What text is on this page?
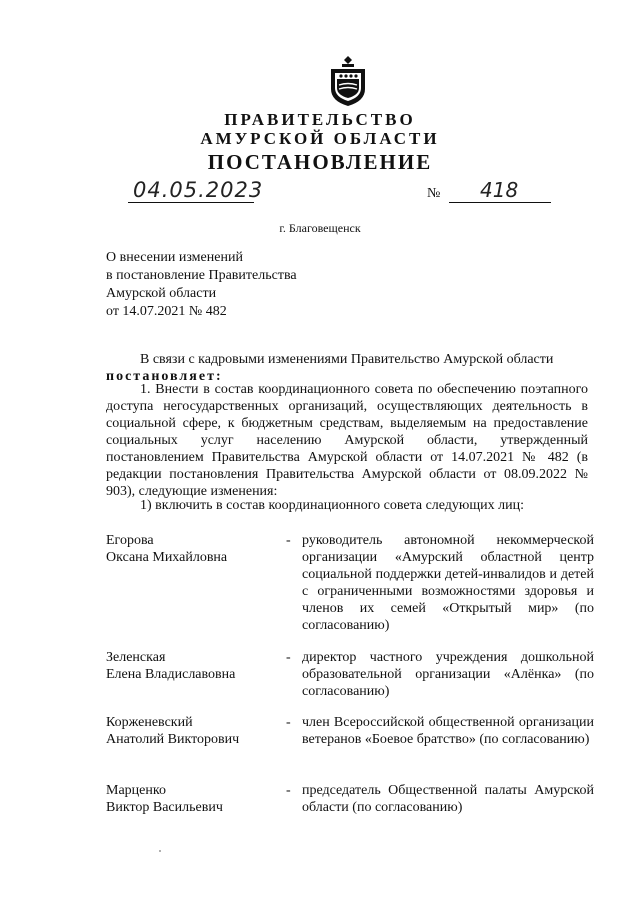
ПРАВИТЕЛЬСТВО
АМУРСКОЙ ОБЛАСТИ
ПОСТАНОВЛЕНИЕ
04.05.2023	№ 418
г. Благовещенск
О внесении изменений
в постановление Правительства
Амурской области
от 14.07.2021 № 482
В связи с кадровыми изменениями Правительство Амурской области
постановляет:
1. Внести в состав координационного совета по обеспечению поэтапного доступа негосударственных организаций, осуществляющих деятельность в социальной сфере, к бюджетным средствам, выделяемым на предоставление социальных услуг населению Амурской области, утвержденный постановлением Правительства Амурской области от 14.07.2021 № 482 (в редакции постановления Правительства Амурской области от 08.09.2022 № 903), следующие изменения:
1) включить в состав координационного совета следующих лиц:
Егорова
Оксана Михайловна
- руководитель автономной некоммерческой организации «Амурский областной центр социальной поддержки детей-инвалидов и детей с ограниченными возможностями здоровья и членов их семей «Открытый мир» (по согласованию)
Зеленская
Елена Владиславовна
- директор частного учреждения дошкольной образовательной организации «Алёнка» (по согласованию)
Корженевский
Анатолий Викторович
- член Всероссийской общественной организации ветеранов «Боевое братство» (по согласованию)
Марценко
Виктор Васильевич
- председатель Общественной палаты Амурской области (по согласованию)
